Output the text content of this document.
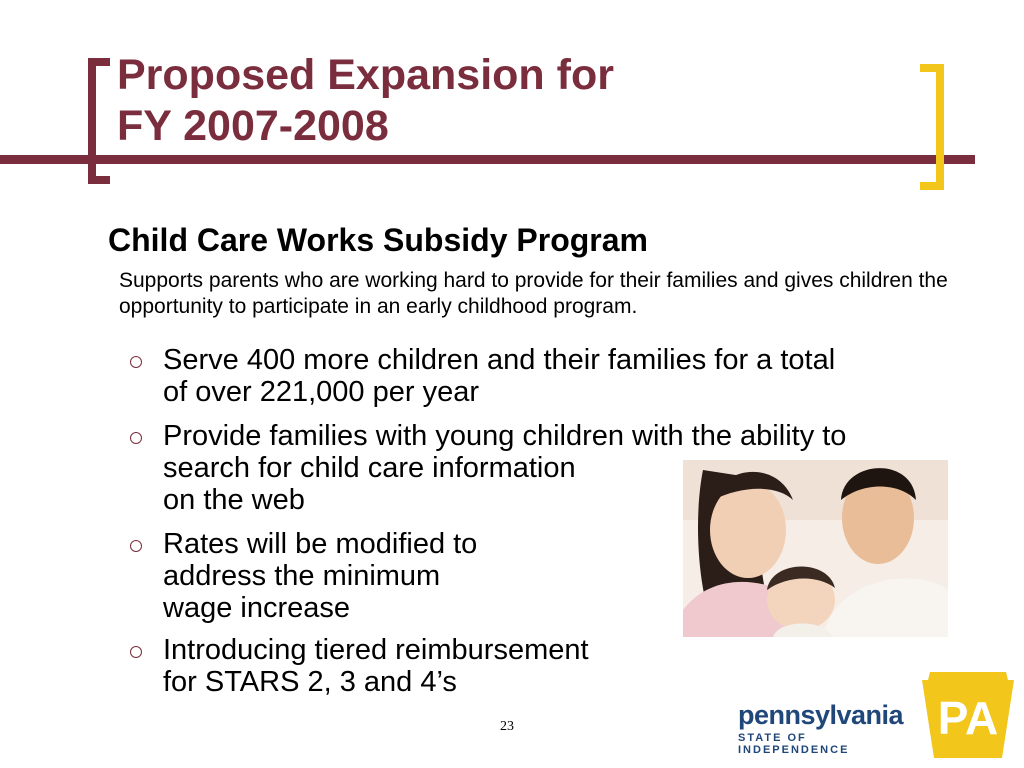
Proposed Expansion for
FY 2007-2008
Child Care Works Subsidy Program

Supports parents who are working hard to provide for their families and gives children the opportunity to participate in an early childhood program.

Serve 400 more children and their families for a total
of over 221,000 per year
Provide families with young children with the ability to
search for child care information
on the web
Rates will be modified to
address the minimum
wage increase
Introducing tiered reimbursement
for STARS 2, 3 and 4’s
23	pennsylvania
STATE OF INDEPENDENCE
PA
